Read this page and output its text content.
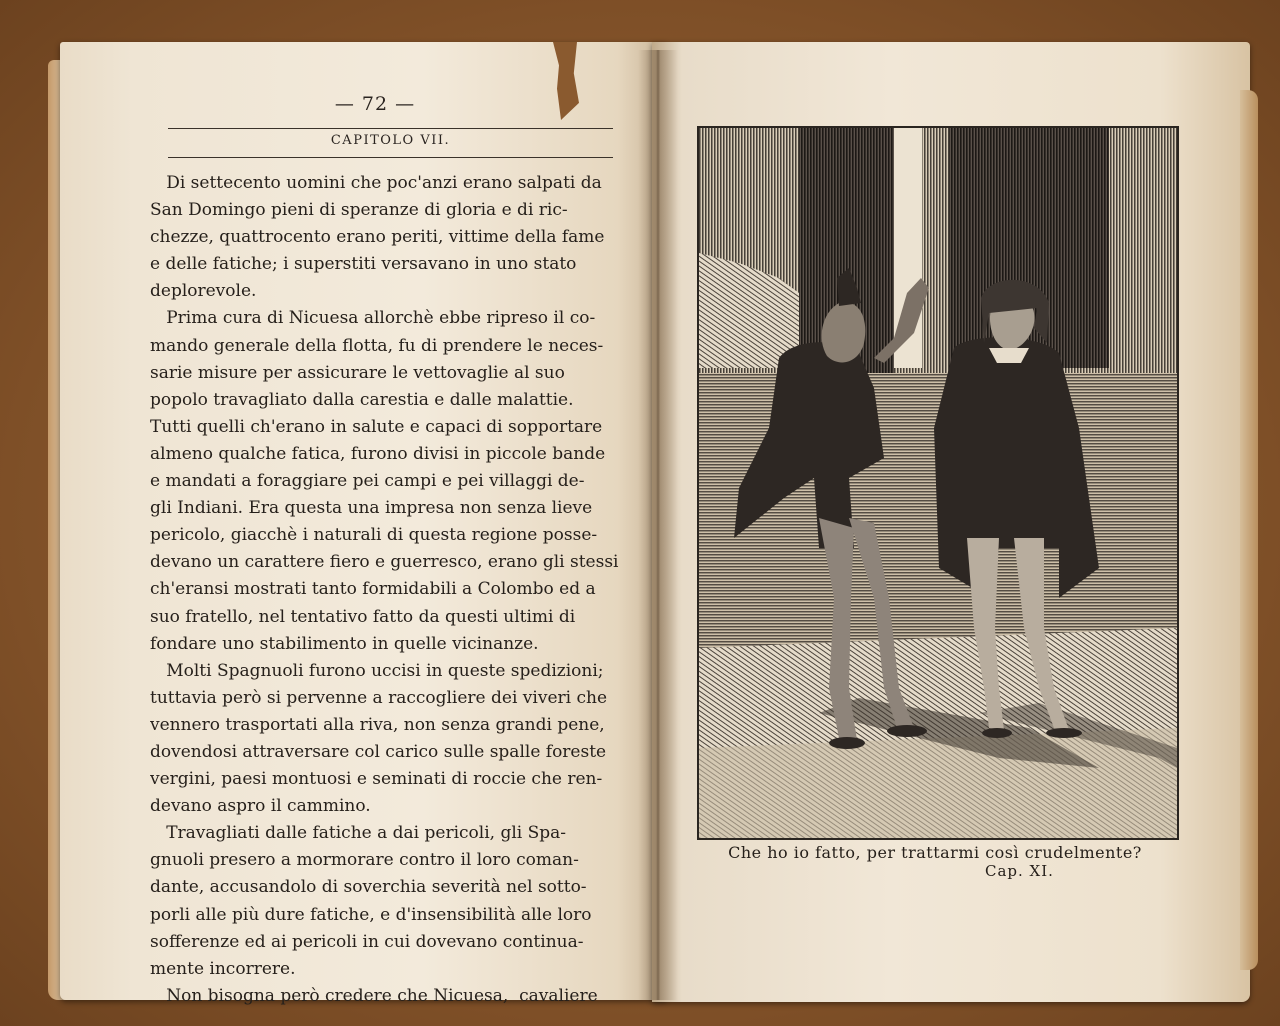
— 72 —
CAPITOLO VII.
Di settecento uomini che poc'anzi erano salpati da
San Domingo pieni di speranze di gloria e di ric-
chezze, quattrocento erano periti, vittime della fame
e delle fatiche; i superstiti versavano in uno stato
deplorevole.
Prima cura di Nicuesa allorchè ebbe ripreso il co-
mando generale della flotta, fu di prendere le neces-
sarie misure per assicurare le vettovaglie al suo
popolo travagliato dalla carestia e dalle malattie.
Tutti quelli ch'erano in salute e capaci di sopportare
almeno qualche fatica, furono divisi in piccole bande
e mandati a foraggiare pei campi e pei villaggi de-
gli Indiani. Era questa una impresa non senza lieve
pericolo, giacchè i naturali di questa regione posse-
devano un carattere fiero e guerresco, erano gli stessi
ch'eransi mostrati tanto formidabili a Colombo ed a
suo fratello, nel tentativo fatto da questi ultimi di
fondare uno stabilimento in quelle vicinanze.
Molti Spagnuoli furono uccisi in queste spedizioni;
tuttavia però si pervenne a raccogliere dei viveri che
vennero trasportati alla riva, non senza grandi pene,
dovendosi attraversare col carico sulle spalle foreste
vergini, paesi montuosi e seminati di roccie che ren-
devano aspro il cammino.
Travagliati dalle fatiche a dai pericoli, gli Spa-
gnuoli presero a mormorare contro il loro coman-
dante, accusandolo di soverchia severità nel sotto-
porli alle più dure fatiche, e d'insensibilità alle loro
sofferenze ed ai pericoli in cui dovevano continua-
mente incorrere.
Non bisogna però credere che Nicuesa,  cavaliere
Che ho io fatto, per trattarmi così crudelmente?
Cap. XI.
